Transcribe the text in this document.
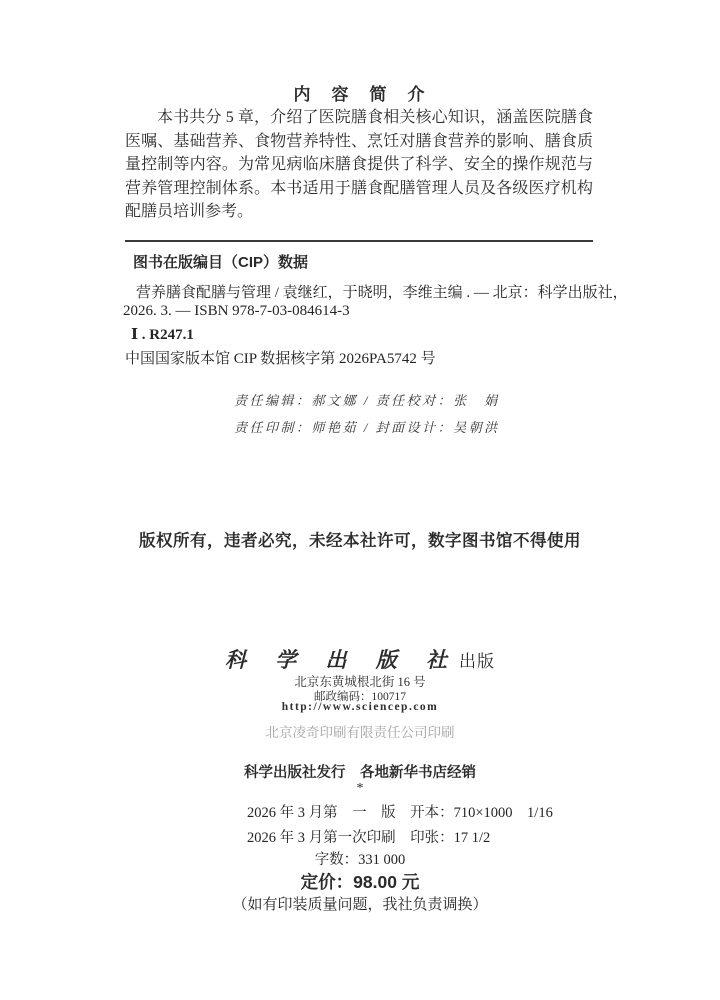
内　容　简　介
本书共分 5 章，介绍了医院膳食相关核心知识，涵盖医院膳食医嘱、基础营养、食物营养特性、烹饪对膳食营养的影响、膳食质量控制等内容。为常见病临床膳食提供了科学、安全的操作规范与营养管理控制体系。本书适用于膳食配膳管理人员及各级医疗机构配膳员培训参考。
图书在版编目（CIP）数据
营养膳食配膳与管理 / 袁继红，于晓明，李维主编 . –– 北京：科学出版社，
2026. 3. –– ISBN 978-7-03-084614-3
Ⅰ . R247.1
中国国家版本馆 CIP 数据核字第 2026PA5742 号
责任编辑：郝文娜 / 责任校对：张　娟
责任印制：师艳茹 / 封面设计：吴朝洪
版权所有，违者必究，未经本社许可，数字图书馆不得使用
科 学 出 版 社出版
北京东黄城根北街 16 号
邮政编码：100717
http://www.sciencep.com
北京凌奇印刷有限责任公司印刷
科学出版社发行　各地新华书店经销
*
2026 年 3 月第　一　版　开本：710×1000　1/16
2026 年 3 月第一次印刷　印张：17 1/2
字数：331 000
定价：98.00 元
（如有印装质量问题，我社负责调换）
